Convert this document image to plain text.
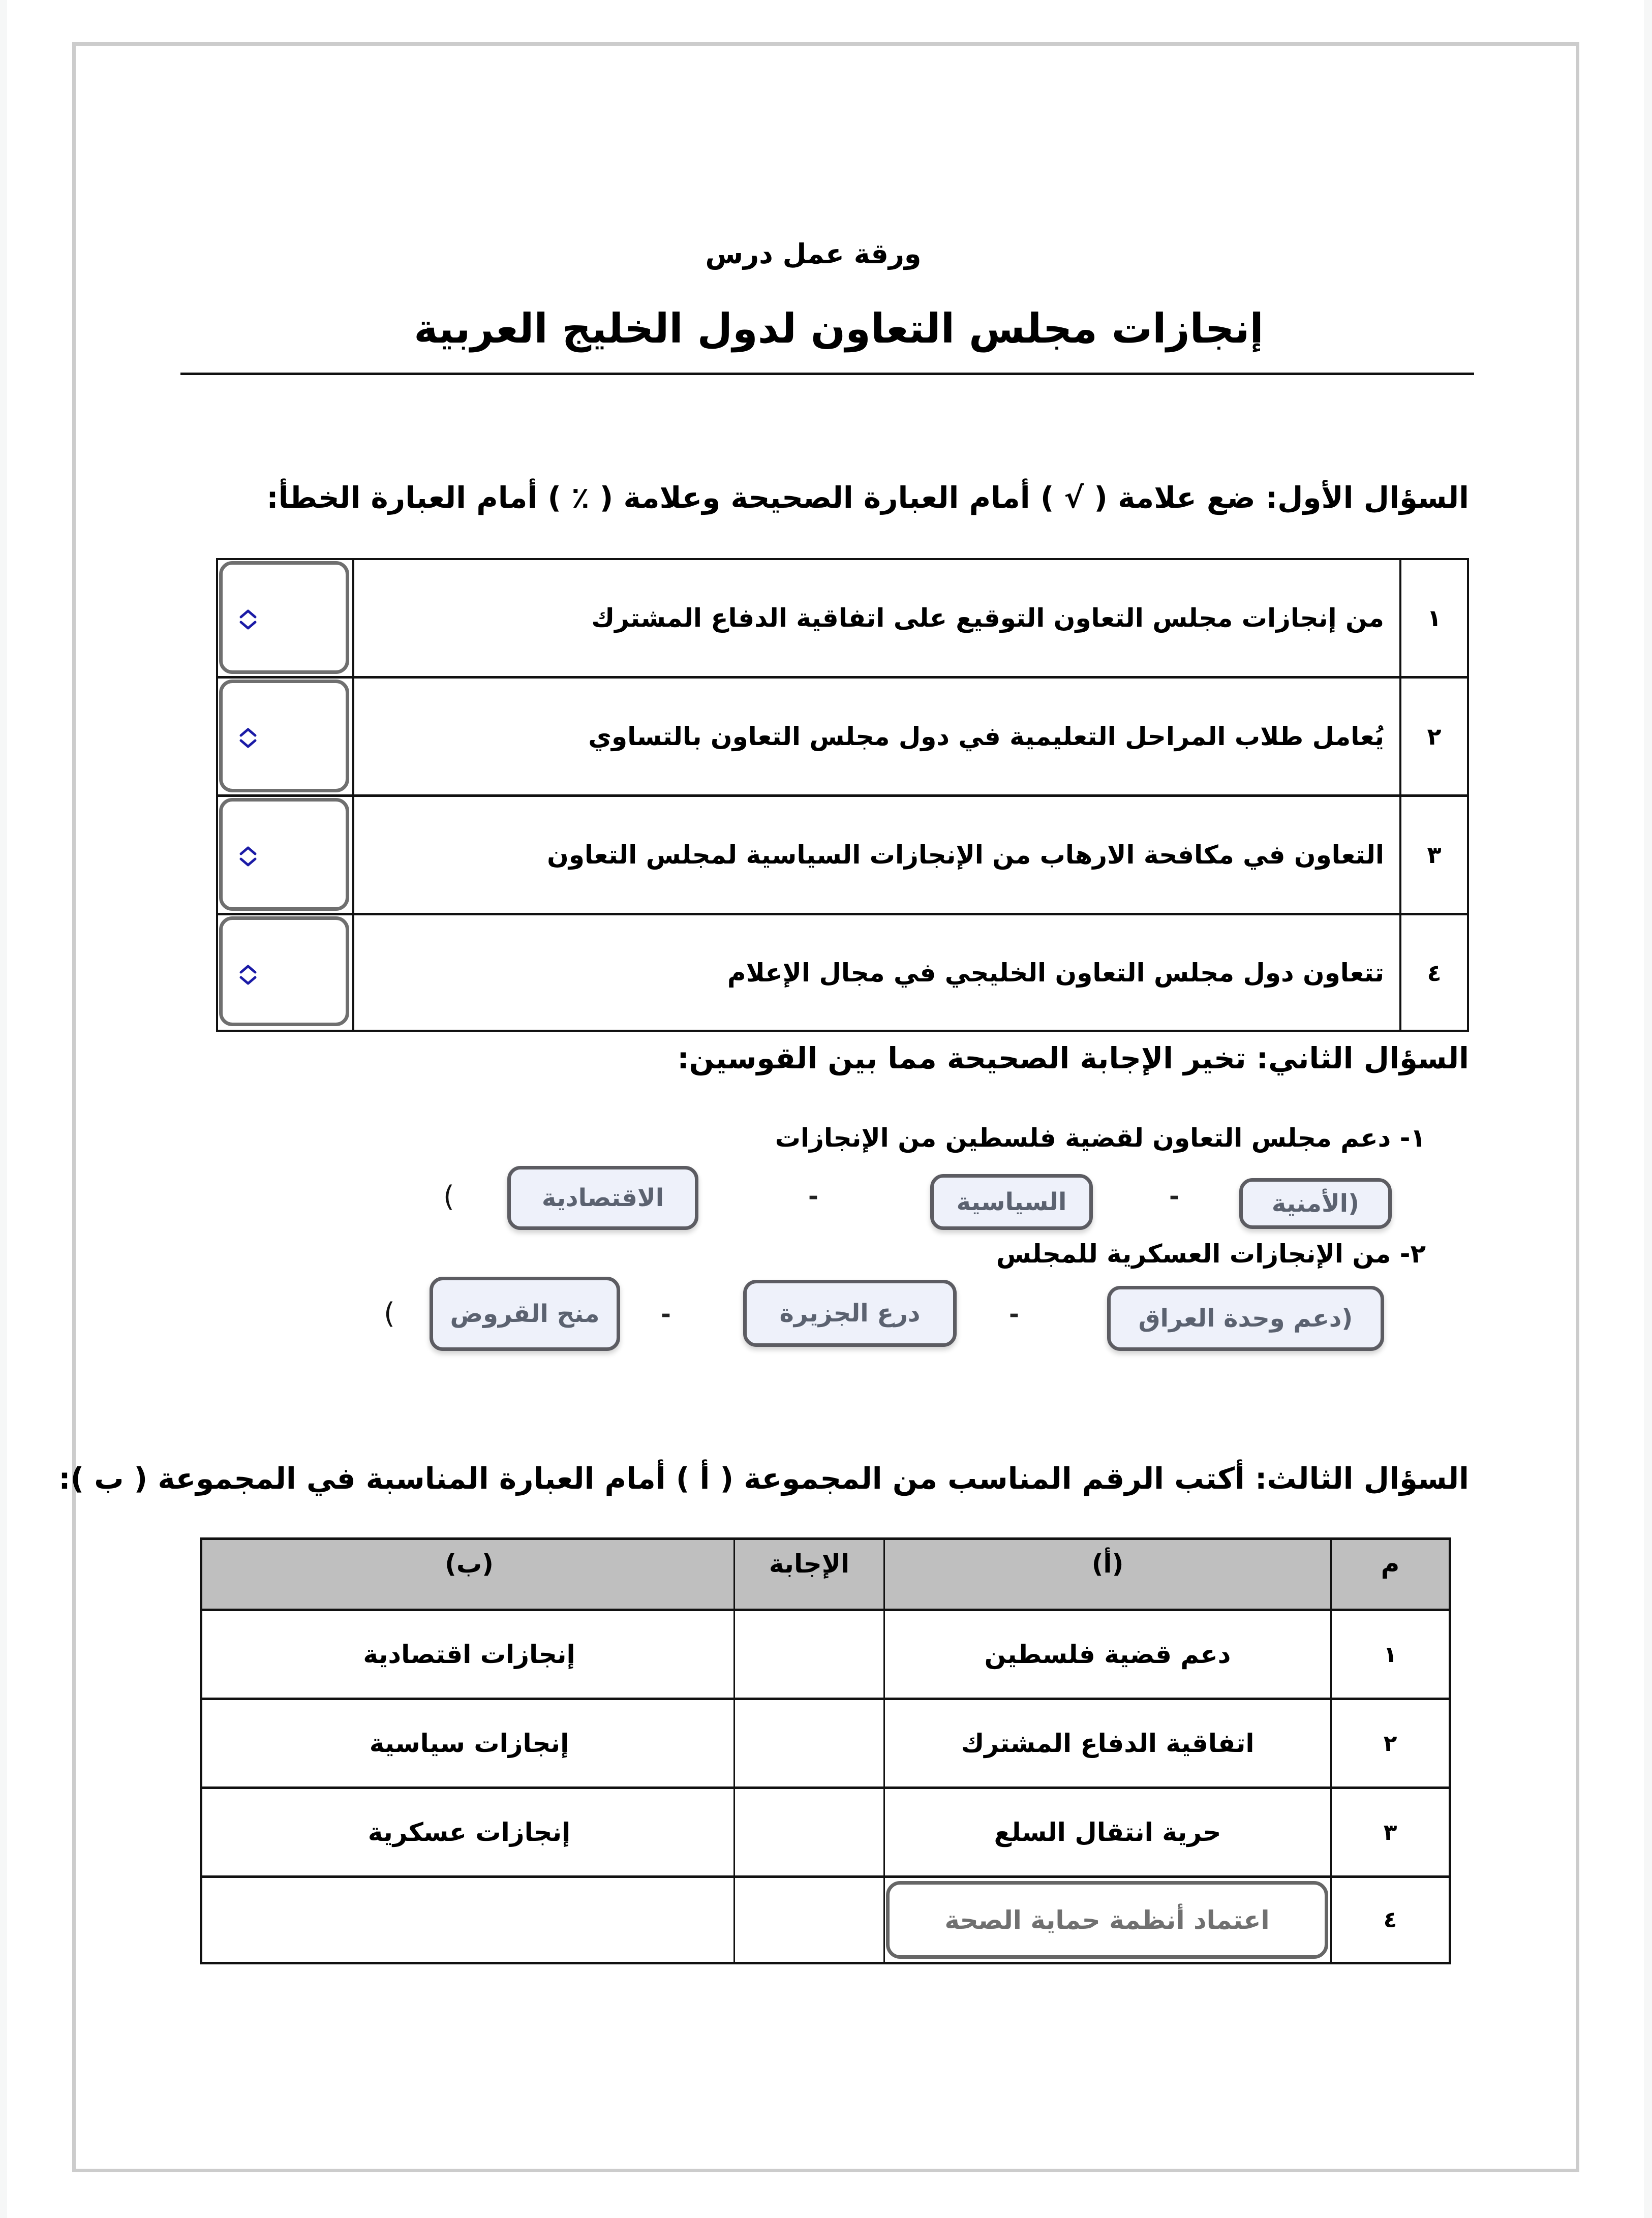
ورقة عمل درس
إنجازات مجلس التعاون لدول الخليج العربية
السؤال الأول: ضع علامة ( √ ) أمام العبارة الصحيحة وعلامة ( ٪ ) أمام العبارة الخطأ:
١
من إنجازات مجلس التعاون التوقيع على اتفاقية الدفاع المشترك
٢
يُعامل طلاب المراحل التعليمية في دول مجلس التعاون بالتساوي
٣
التعاون في مكافحة الارهاب من الإنجازات السياسية لمجلس التعاون
٤
تتعاون دول مجلس التعاون الخليجي في مجال الإعلام
السؤال الثاني: تخير الإجابة الصحيحة مما بين القوسين:
١- دعم مجلس التعاون لقضية فلسطين من الإنجازات
(الأمنية
-
السياسية
-
الاقتصادية
)
٢- من الإنجازات العسكرية للمجلس
(دعم وحدة العراق
-
درع الجزيرة
-
منح القروض
)
السؤال الثالث: أكتب الرقم المناسب من المجموعة ( أ ) أمام العبارة المناسبة في المجموعة ( ب ):
م
(أ)
الإجابة
(ب)
١
دعم قضية فلسطين
إنجازات اقتصادية
٢
اتفاقية الدفاع المشترك
إنجازات سياسية
٣
حرية انتقال السلع
إنجازات عسكرية
٤
اعتماد أنظمة حماية الصحة
